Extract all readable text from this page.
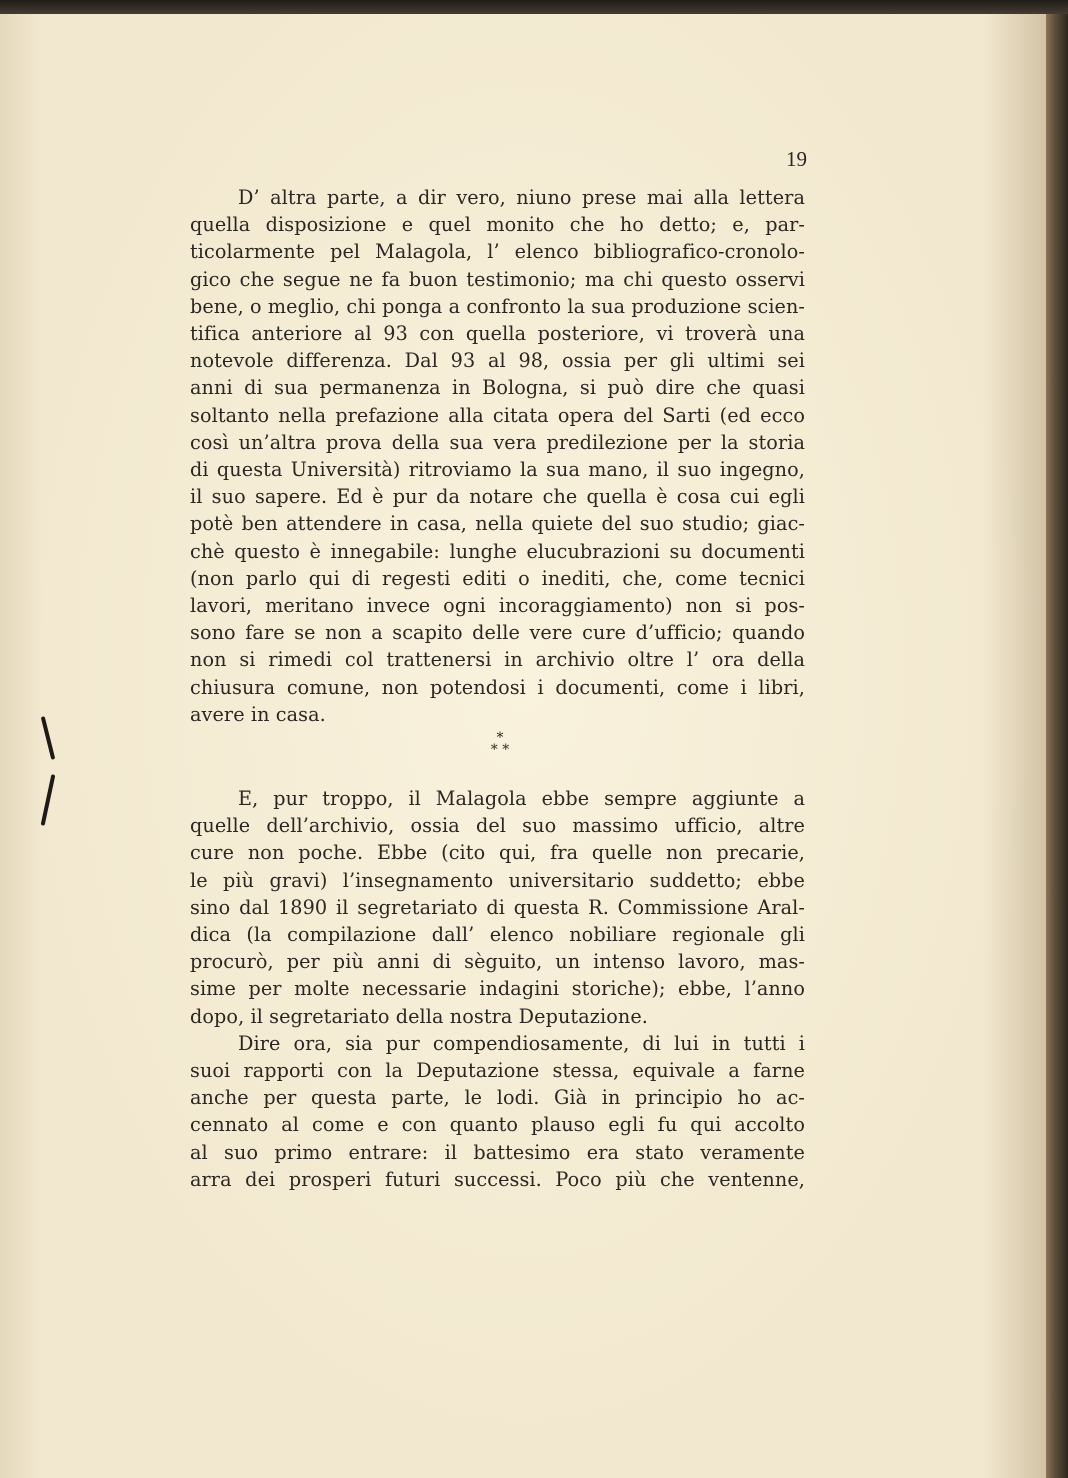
19
D’ altra parte, a dir vero, niuno prese mai alla lettera
quella disposizione e quel monito che ho detto; e, par-
ticolarmente pel Malagola, l’ elenco bibliografico-cronolo-
gico che segue ne fa buon testimonio; ma chi questo osservi
bene, o meglio, chi ponga a confronto la sua produzione scien-
tifica anteriore al 93 con quella posteriore, vi troverà una
notevole differenza. Dal 93 al 98, ossia per gli ultimi sei
anni di sua permanenza in Bologna, si può dire che quasi
soltanto nella prefazione alla citata opera del Sarti (ed ecco
così un’altra prova della sua vera predilezione per la storia
di questa Università) ritroviamo la sua mano, il suo ingegno,
il suo sapere. Ed è pur da notare che quella è cosa cui egli
potè ben attendere in casa, nella quiete del suo studio; giac-
chè questo è innegabile: lunghe elucubrazioni su documenti
(non parlo qui di regesti editi o inediti, che, come tecnici
lavori, meritano invece ogni incoraggiamento) non si pos-
sono fare se non a scapito delle vere cure d’ufficio; quando
non si rimedi col trattenersi in archivio oltre l’ ora della
chiusura comune, non potendosi i documenti, come i libri,
avere in casa.
*
* *
E, pur troppo, il Malagola ebbe sempre aggiunte a
quelle dell’archivio, ossia del suo massimo ufficio, altre
cure non poche. Ebbe (cito qui, fra quelle non precarie,
le più gravi) l’insegnamento universitario suddetto; ebbe
sino dal 1890 il segretariato di questa R. Commissione Aral-
dica (la compilazione dall’ elenco nobiliare regionale gli
procurò, per più anni di sèguito, un intenso lavoro, mas-
sime per molte necessarie indagini storiche); ebbe, l’anno
dopo, il segretariato della nostra Deputazione.
Dire ora, sia pur compendiosamente, di lui in tutti i
suoi rapporti con la Deputazione stessa, equivale a farne
anche per questa parte, le lodi. Già in principio ho ac-
cennato al come e con quanto plauso egli fu qui accolto
al suo primo entrare: il battesimo era stato veramente
arra dei prosperi futuri successi. Poco più che ventenne,
